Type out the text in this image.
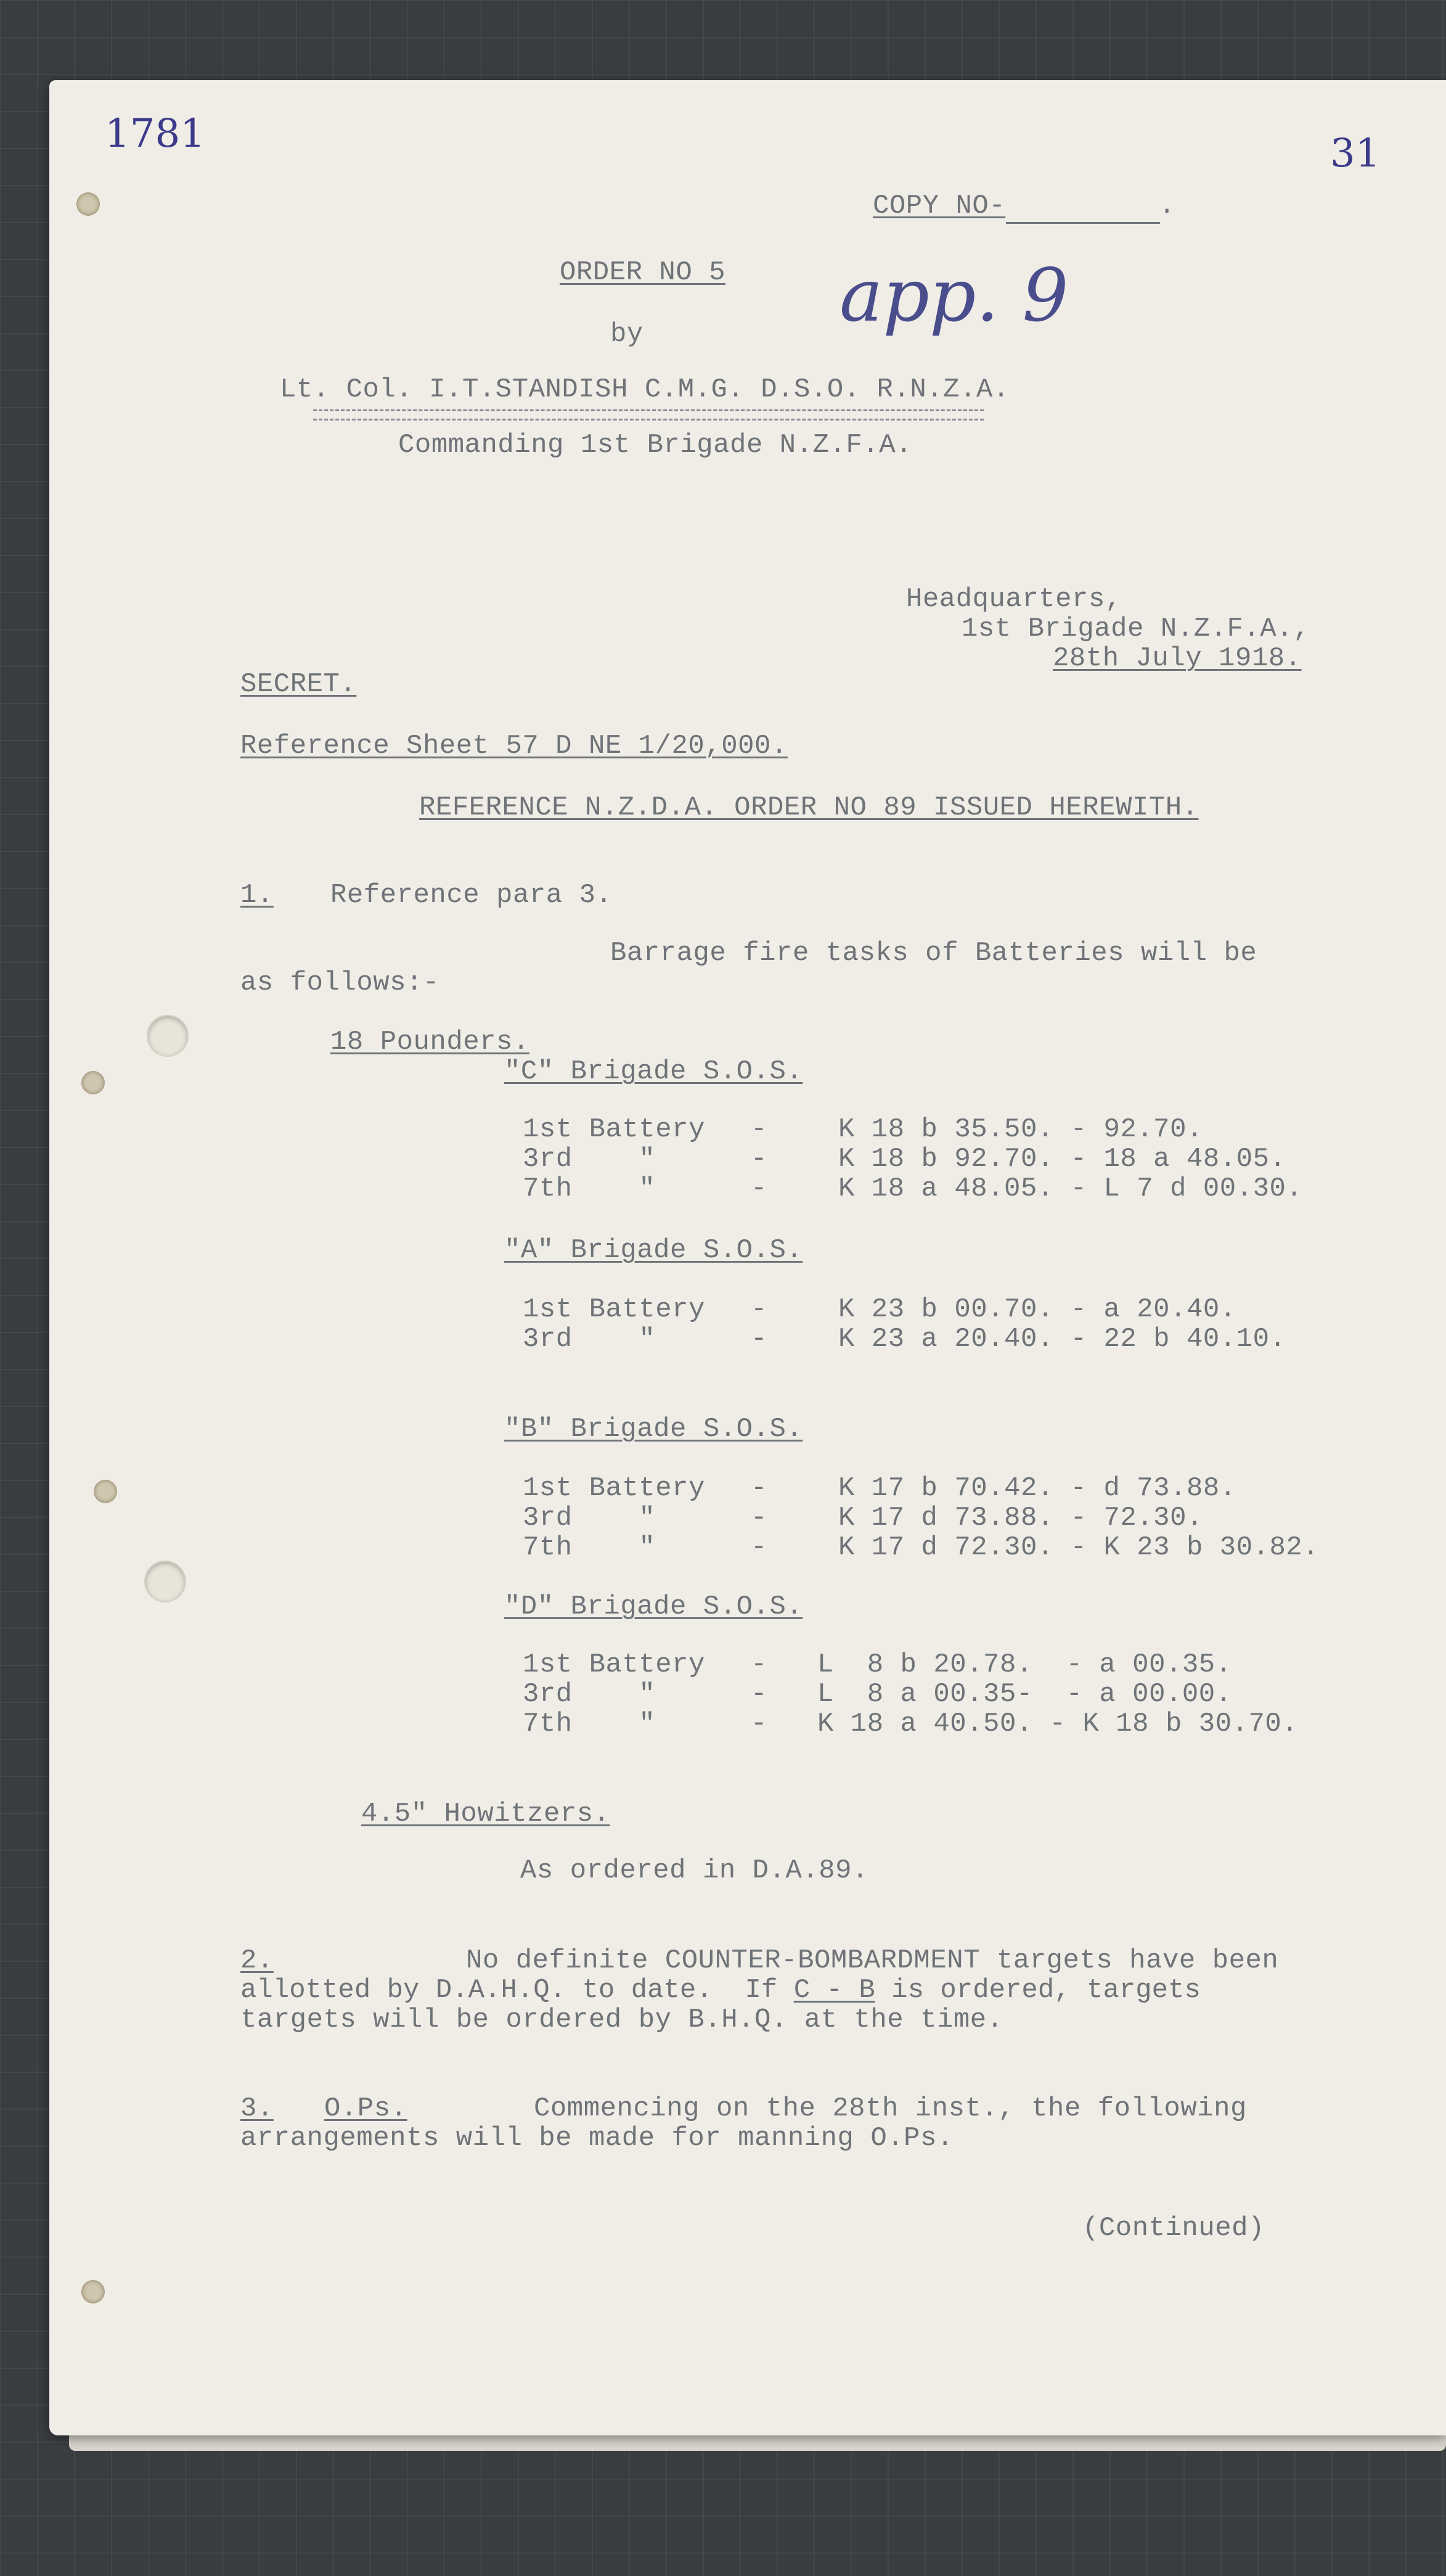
1781	31
app. 9
COPY NO-	.
ORDER NO 5
by
Lt. Col. I.T.STANDISH C.M.G. D.S.O. R.N.Z.A.
Commanding 1st Brigade N.Z.F.A.
Headquarters,
1st Brigade N.Z.F.A.,
28th July 1918.
SECRET.
Reference Sheet 57 D NE 1/20,000.
REFERENCE N.Z.D.A. ORDER NO 89 ISSUED HEREWITH.
1. Reference para 3.
Barrage fire tasks of Batteries will be
as follows:-
18 Pounders.
"C" Brigade S.O.S.
1st Battery -	K 18 b 35.50. - 92.70.
3rd    "	-	K 18 b 92.70. - 18 a 48.05.
7th    "	-	K 18 a 48.05. - L 7 d 00.30.
"A" Brigade S.O.S.
1st Battery -	K 23 b 00.70. - a 20.40.
3rd    "	-	K 23 a 20.40. - 22 b 40.10.
"B" Brigade S.O.S.
1st Battery -	K 17 b 70.42. - d 73.88.
3rd    "	-	K 17 d 73.88. - 72.30.
7th    "	-	K 17 d 72.30. - K 23 b 30.82.
"D" Brigade S.O.S.
1st Battery - L  8 b 20.78.  - a 00.35.
3rd    "	- L  8 a 00.35-  - a 00.00.
7th    "	- K 18 a 40.50. - K 18 b 30.70.
4.5" Howitzers.
As ordered in D.A.89.
2.	No definite COUNTER-BOMBARDMENT targets have been
allotted by D.A.H.Q. to date.  If C - B is ordered, targets
targets will be ordered by B.H.Q. at the time.
3. O.Ps.	Commencing on the 28th inst., the following
arrangements will be made for manning O.Ps.
(Continued)
